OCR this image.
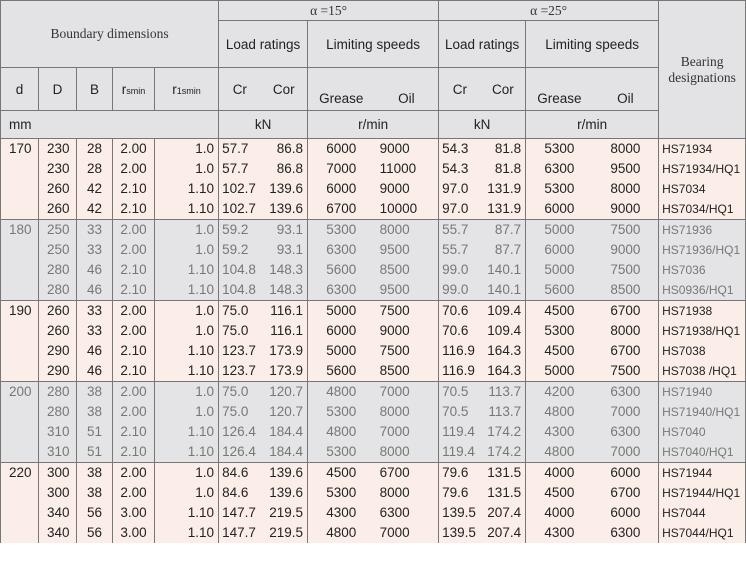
Boundary dimensions					α =15°				α =25°				Bearing designations
					Load ratings		Limiting speeds		Load ratings		Limiting speeds		
d	D	B	rsmin	r1smin	Cr	Cor	Grease	Oil	Cr	Cor	Grease	Oil	
mm					kN		r/min		kN		r/min		
170	230	28	2.00	1.0	57.7	86.8	6000	9000	54.3	81.8	5300	8000	HS71934
	230	28	2.00	1.0	57.7	86.8	7000	11000	54.3	81.8	6300	9500	HS71934/HQ1
	260	42	2.10	1.10	102.7	139.6	6000	9000	97.0	131.9	5300	8000	HS7034
	260	42	2.10	1.10	102.7	139.6	6700	10000	97.0	131.9	6000	9000	HS7034/HQ1
180	250	33	2.00	1.0	59.2	93.1	5300	8000	55.7	87.7	5000	7500	HS71936
	250	33	2.00	1.0	59.2	93.1	6300	9500	55.7	87.7	6000	9000	HS71936/HQ1
	280	46	2.10	1.10	104.8	148.3	5600	8500	99.0	140.1	5000	7500	HS7036
	280	46	2.10	1.10	104.8	148.3	6300	9500	99.0	140.1	5600	8500	HS0936/HQ1
190	260	33	2.00	1.0	75.0	116.1	5000	7500	70.6	109.4	4500	6700	HS71938
	260	33	2.00	1.0	75.0	116.1	6000	9000	70.6	109.4	5300	8000	HS71938/HQ1
	290	46	2.10	1.10	123.7	173.9	5000	7500	116.9	164.3	4500	6700	HS7038
	290	46	2.10	1.10	123.7	173.9	5600	8500	116.9	164.3	5000	7500	HS7038 /HQ1
200	280	38	2.00	1.0	75.0	120.7	4800	7000	70.5	113.7	4200	6300	HS71940
	280	38	2.00	1.0	75.0	120.7	5300	8000	70.5	113.7	4800	7000	HS71940/HQ1
	310	51	2.10	1.10	126.4	184.4	4800	7000	119.4	174.2	4300	6300	HS7040
	310	51	2.10	1.10	126.4	184.4	5300	8000	119.4	174.2	4800	7000	HS7040/HQ1
220	300	38	2.00	1.0	84.6	139.6	4500	6700	79.6	131.5	4000	6000	HS71944
	300	38	2.00	1.0	84.6	139.6	5300	8000	79.6	131.5	4500	6700	HS71944/HQ1
	340	56	3.00	1.10	147.7	219.5	4300	6300	139.5	207.4	4000	6000	HS7044
	340	56	3.00	1.10	147.7	219.5	4800	7000	139.5	207.4	4300	6300	HS7044/HQ1
